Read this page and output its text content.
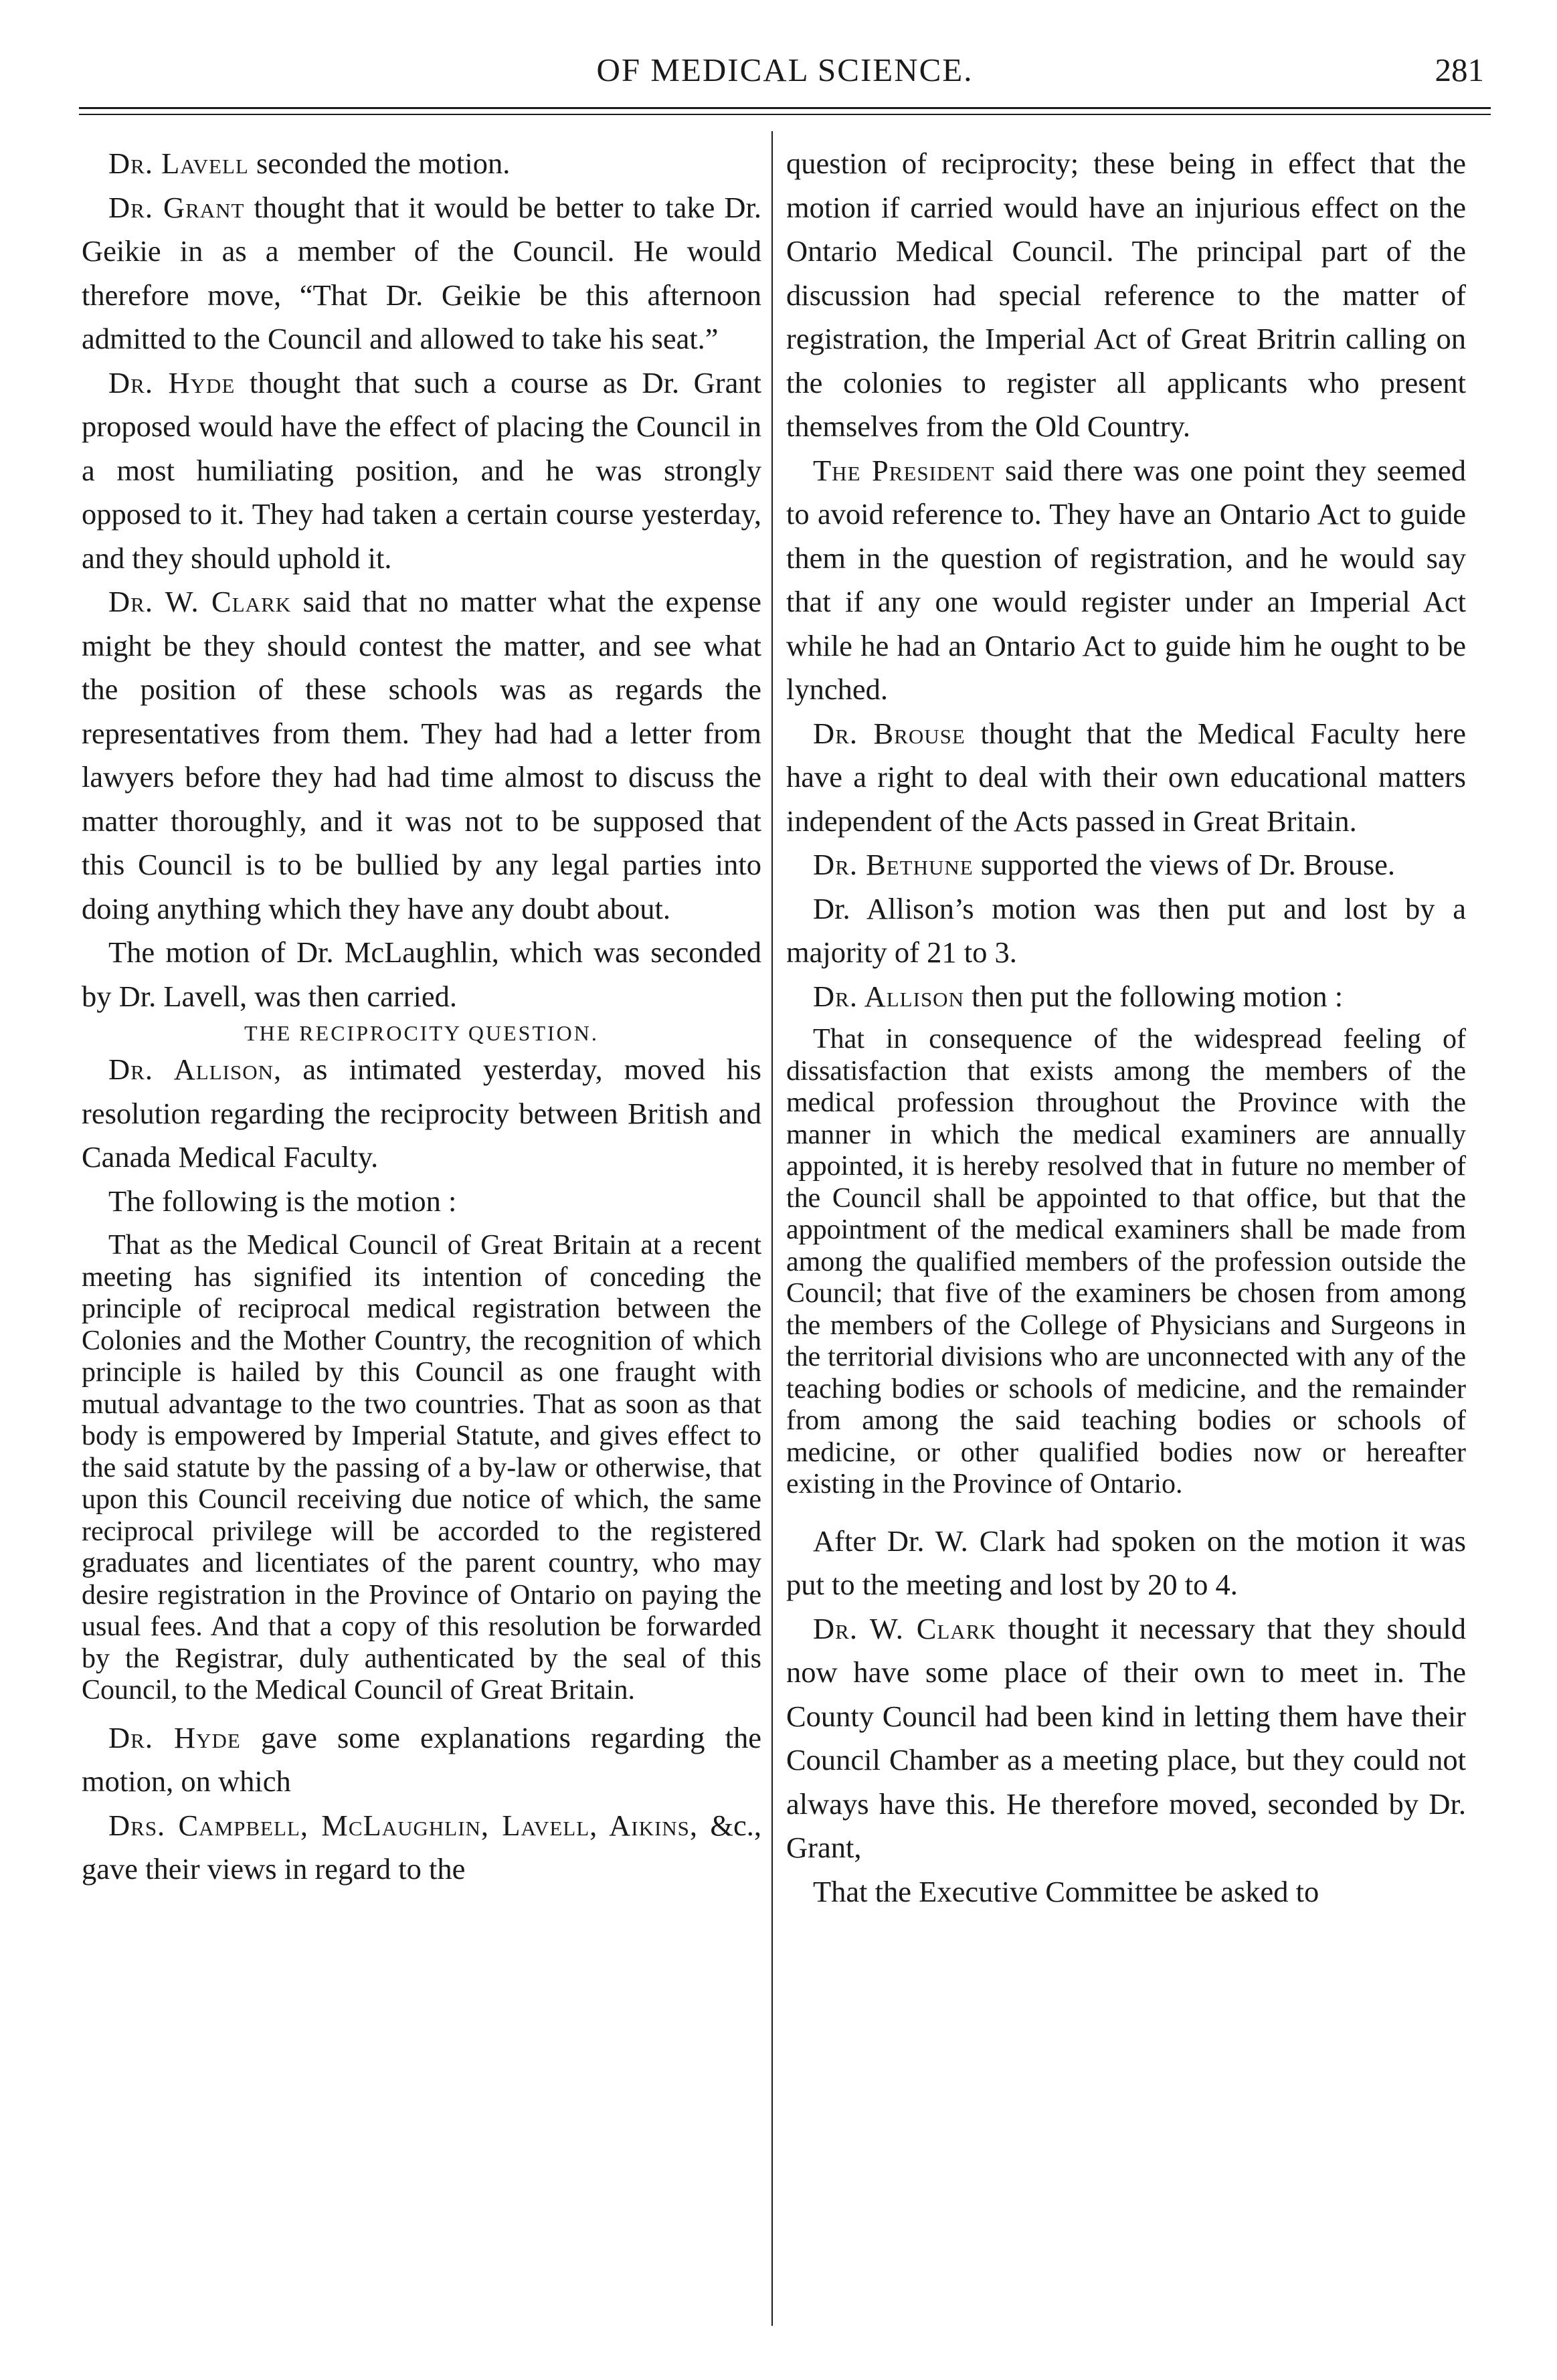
OF MEDICAL SCIENCE.	281

Dr. Lavell seconded the motion.

Dr. Grant thought that it would be better to take Dr. Geikie in as a member of the Council. He would therefore move, “That Dr. Geikie be this afternoon admitted to the Council and allowed to take his seat.”

Dr. Hyde thought that such a course as Dr. Grant proposed would have the effect of placing the Council in a most humiliating position, and he was strongly opposed to it. They had taken a certain course yesterday, and they should uphold it.

Dr. W. Clark said that no matter what the expense might be they should contest the matter, and see what the position of these schools was as regards the representatives from them. They had had a letter from lawyers before they had had time almost to discuss the matter thoroughly, and it was not to be supposed that this Council is to be bullied by any legal parties into doing anything which they have any doubt about.

The motion of Dr. McLaughlin, which was seconded by Dr. Lavell, was then carried.

THE RECIPROCITY QUESTION.

Dr. Allison, as intimated yesterday, moved his resolution regarding the reciprocity between British and Canada Medical Faculty.

The following is the motion :

That as the Medical Council of Great Britain at a recent meeting has signified its intention of conceding the principle of reciprocal medical registration between the Colonies and the Mother Country, the recognition of which principle is hailed by this Council as one fraught with mutual advantage to the two countries. That as soon as that body is empowered by Imperial Statute, and gives effect to the said statute by the passing of a by-law or otherwise, that upon this Council receiving due notice of which, the same reciprocal privilege will be accorded to the registered graduates and licentiates of the parent country, who may desire registration in the Province of Ontario on paying the usual fees. And that a copy of this resolution be forwarded by the Registrar, duly authenticated by the seal of this Council, to the Medical Council of Great Britain.

Dr. Hyde gave some explanations regarding the motion, on which

Drs. Campbell, McLaughlin, Lavell, Aikins, &c., gave their views in regard to the

question of reciprocity; these being in effect that the motion if carried would have an injurious effect on the Ontario Medical Council. The principal part of the discussion had special reference to the matter of registration, the Imperial Act of Great Britrin calling on the colonies to register all applicants who present themselves from the Old Country.

The President said there was one point they seemed to avoid reference to. They have an Ontario Act to guide them in the question of registration, and he would say that if any one would register under an Imperial Act while he had an Ontario Act to guide him he ought to be lynched.

Dr. Brouse thought that the Medical Faculty here have a right to deal with their own educational matters independent of the Acts passed in Great Britain.

Dr. Bethune supported the views of Dr. Brouse.

Dr. Allison’s motion was then put and lost by a majority of 21 to 3.

Dr. Allison then put the following motion :

That in consequence of the widespread feeling of dissatisfaction that exists among the members of the medical profession throughout the Province with the manner in which the medical examiners are annually appointed, it is hereby resolved that in future no member of the Council shall be appointed to that office, but that the appointment of the medical examiners shall be made from among the qualified members of the profession outside the Council; that five of the examiners be chosen from among the members of the College of Physicians and Surgeons in the territorial divisions who are unconnected with any of the teaching bodies or schools of medicine, and the remainder from among the said teaching bodies or schools of medicine, or other qualified bodies now or hereafter existing in the Province of Ontario.

After Dr. W. Clark had spoken on the motion it was put to the meeting and lost by 20 to 4.

Dr. W. Clark thought it necessary that they should now have some place of their own to meet in. The County Council had been kind in letting them have their Council Chamber as a meeting place, but they could not always have this. He therefore moved, seconded by Dr. Grant,

That the Executive Committee be asked to
